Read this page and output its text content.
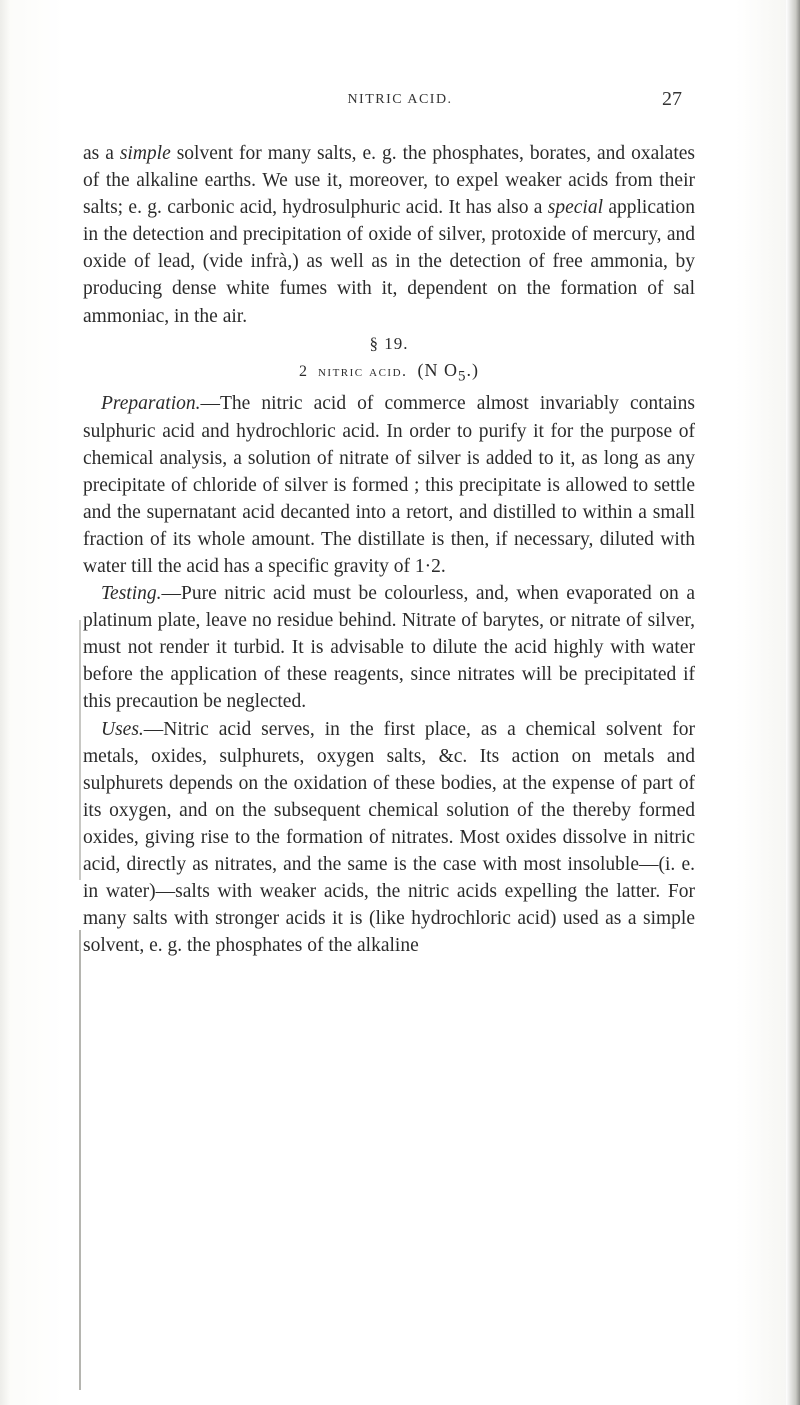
NITRIC ACID.	27

as a simple solvent for many salts, e. g. the phosphates, borates, and oxalates of the alkaline earths. We use it, moreover, to expel weaker acids from their salts; e. g. carbonic acid, hydrosulphuric acid. It has also a special application in the detection and precipitation of oxide of silver, protoxide of mercury, and oxide of lead, (vide infrà,) as well as in the detection of free ammonia, by producing dense white fumes with it, dependent on the formation of sal ammoniac, in the air.

§ 19.

2 nitric acid. (N $O_5$.)

Preparation.—The nitric acid of commerce almost invariably contains sulphuric acid and hydrochloric acid. In order to purify it for the purpose of chemical analysis, a solution of nitrate of silver is added to it, as long as any precipitate of chloride of silver is formed ; this precipitate is allowed to settle and the supernatant acid decanted into a retort, and distilled to within a small fraction of its whole amount. The distillate is then, if necessary, diluted with water till the acid has a specific gravity of 1·2.

Testing.—Pure nitric acid must be colourless, and, when evaporated on a platinum plate, leave no residue behind. Nitrate of barytes, or nitrate of silver, must not render it turbid. It is advisable to dilute the acid highly with water before the application of these reagents, since nitrates will be precipitated if this precaution be neglected.

Uses.—Nitric acid serves, in the first place, as a chemical solvent for metals, oxides, sulphurets, oxygen salts, &c. Its action on metals and sulphurets depends on the oxidation of these bodies, at the expense of part of its oxygen, and on the subsequent chemical solution of the thereby formed oxides, giving rise to the formation of nitrates. Most oxides dissolve in nitric acid, directly as nitrates, and the same is the case with most insoluble—(i. e. in water)—salts with weaker acids, the nitric acids expelling the latter. For many salts with stronger acids it is (like hydrochloric acid) used as a simple solvent, e. g. the phosphates of the alkaline
